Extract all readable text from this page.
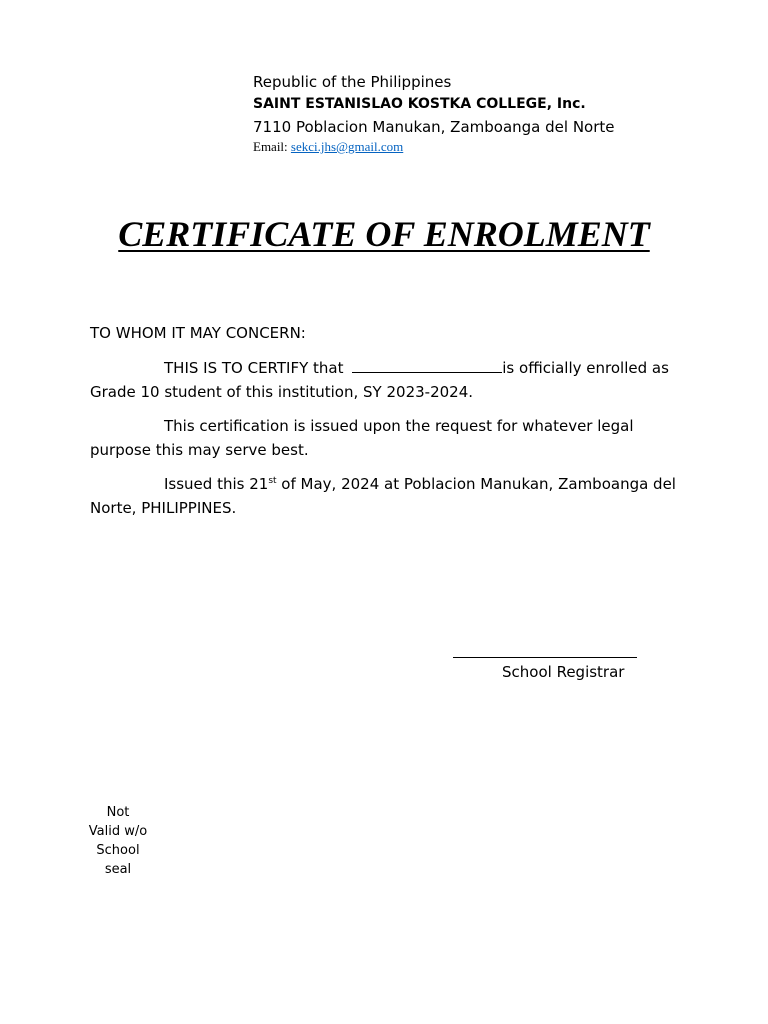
Republic of the Philippines
SAINT ESTANISLAO KOSTKA COLLEGE, Inc.
7110 Poblacion Manukan, Zamboanga del Norte
Email: sekci.jhs@gmail.com
CERTIFICATE OF ENROLMENT
TO WHOM IT MAY CONCERN:
THIS IS TO CERTIFY that	is officially enrolled as Grade 10 student of this institution, SY 2023-2024.
This certification is issued upon the request for whatever legal purpose this may serve best.
Issued this 21st of May, 2024 at Poblacion Manukan, Zamboanga del Norte, PHILIPPINES.
School Registrar
Not
Valid w/o
School
seal
